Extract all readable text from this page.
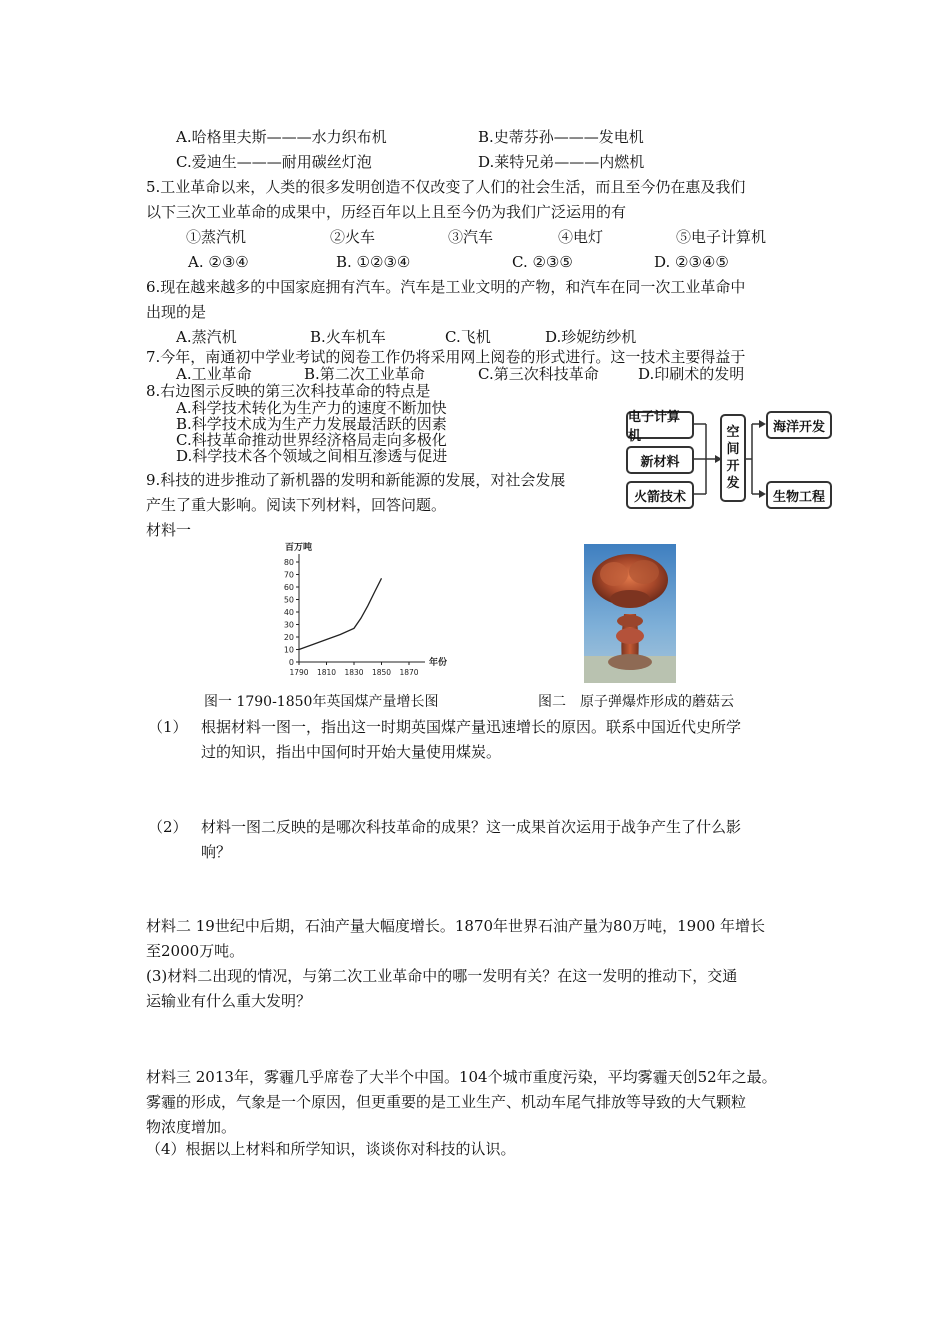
A.哈格里夫斯———水力织布机	B.史蒂芬孙———发电机
C.爱迪生———耐用碳丝灯泡	D.莱特兄弟———内燃机
5.工业革命以来，人类的很多发明创造不仅改变了人们的社会生活，而且至今仍在惠及我们
以下三次工业革命的成果中，历经百年以上且至今仍为我们广泛运用的有
①蒸汽机	②火车	③汽车	④电灯	⑤电子计算机
A. ②③④	B. ①②③④	C. ②③⑤	D. ②③④⑤
6.现在越来越多的中国家庭拥有汽车。汽车是工业文明的产物，和汽车在同一次工业革命中
出现的是
A.蒸汽机	B.火车机车	C.飞机	D.珍妮纺纱机
7.今年，南通初中学业考试的阅卷工作仍将采用网上阅卷的形式进行。这一技术主要得益于
A.工业革命	B.第二次工业革命	C.第三次科技革命	D.印刷术的发明
8.右边图示反映的第三次科技革命的特点是
A.科学技术转化为生产力的速度不断加快
B.科学技术成为生产力发展最活跃的因素
C.科技革命推动世界经济格局走向多极化
D.科学技术各个领域之间相互渗透与促进
电子计算机
新材料
火箭技术
空
间
开
发
海洋开发
生物工程
9.科技的进步推动了新机器的发明和新能源的发展，对社会发展
产生了重大影响。阅读下列材料，回答问题。
材料一
0
10
20
30
40
50
60
70
80
1790 1810 1830 1850 1870
百万吨
年份
图一 1790-1850年英国煤产量增长图	图二　原子弹爆炸形成的蘑菇云
（1） 根据材料一图一，指出这一时期英国煤产量迅速增长的原因。联系中国近代史所学
过的知识，指出中国何时开始大量使用煤炭。
（2） 材料一图二反映的是哪次科技革命的成果？这一成果首次运用于战争产生了什么影
响？
材料二 19世纪中后期，石油产量大幅度增长。1870年世界石油产量为80万吨，1900 年增长
至2000万吨。
(3)材料二出现的情况，与第二次工业革命中的哪一发明有关？在这一发明的推动下，交通
运输业有什么重大发明？
材料三 2013年，雾霾几乎席卷了大半个中国。104个城市重度污染，平均雾霾天创52年之最。
雾霾的形成，气象是一个原因，但更重要的是工业生产、机动车尾气排放等导致的大气颗粒
物浓度增加。
（4）根据以上材料和所学知识，谈谈你对科技的认识。
